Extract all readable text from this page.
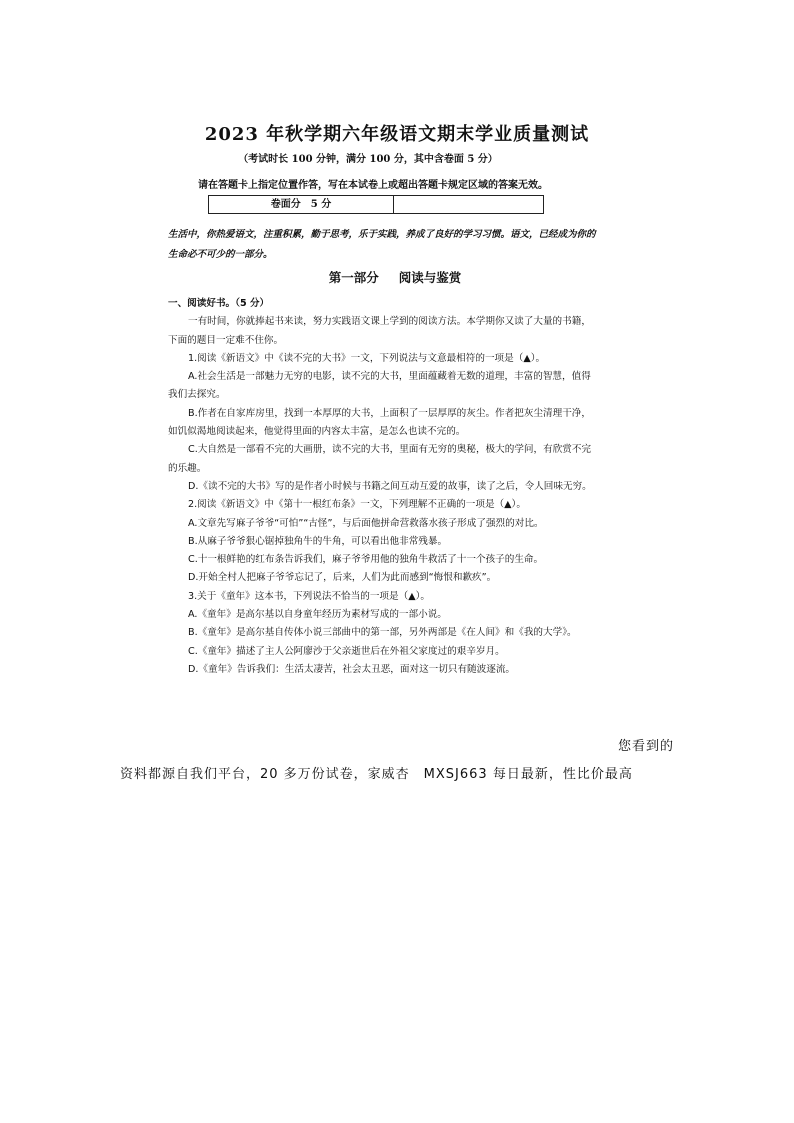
2023 年秋学期六年级语文期末学业质量测试
（考试时长 100 分钟，满分 100 分，其中含卷面 5 分）
请在答题卡上指定位置作答，写在本试卷上或超出答题卡规定区域的答案无效。
卷面分　5 分
生活中，你热爱语文，注重积累，勤于思考，乐于实践，养成了良好的学习习惯。语文，已经成为你的生命必不可少的一部分。
第一部分 阅读与鉴赏

一、阅读好书。（5 分）

一有时间，你就捧起书来读，努力实践语文课上学到的阅读方法。本学期你又读了大量的书籍，下面的题目一定难不住你。

1.阅读《新语文》中《读不完的大书》一文，下列说法与文意最相符的一项是（▲）。

A.社会生活是一部魅力无穷的电影，读不完的大书，里面蕴藏着无数的道理，丰富的智慧，值得我们去探究。

B.作者在自家库房里，找到一本厚厚的大书，上面积了一层厚厚的灰尘。作者把灰尘清理干净，如饥似渴地阅读起来，他觉得里面的内容太丰富，是怎么也读不完的。

C.大自然是一部看不完的大画册，读不完的大书，里面有无穷的奥秘，极大的学问，有欣赏不完的乐趣。

D.《读不完的大书》写的是作者小时候与书籍之间互动互爱的故事，读了之后，令人回味无穷。

2.阅读《新语文》中《第十一根红布条》一文，下列理解不正确的一项是（▲）。

A.文章先写麻子爷爷“可怕”“古怪”，与后面他拼命营救落水孩子形成了强烈的对比。

B.从麻子爷爷狠心锯掉独角牛的牛角，可以看出他非常残暴。

C.十一根鲜艳的红布条告诉我们，麻子爷爷用他的独角牛救活了十一个孩子的生命。

D.开始全村人把麻子爷爷忘记了，后来，人们为此而感到“悔恨和歉疚”。

3.关于《童年》这本书，下列说法不恰当的一项是（▲）。

A.《童年》是高尔基以自身童年经历为素材写成的一部小说。

B.《童年》是高尔基自传体小说三部曲中的第一部，另外两部是《在人间》和《我的大学》。

C.《童年》描述了主人公阿廖沙于父亲逝世后在外祖父家度过的艰辛岁月。

D.《童年》告诉我们：生活太凄苦，社会太丑恶，面对这一切只有随波逐流。

您看到的
资料都源自我们平台，20 多万份试卷，家威杏　MXSJ663 每日最新，性比价最高
